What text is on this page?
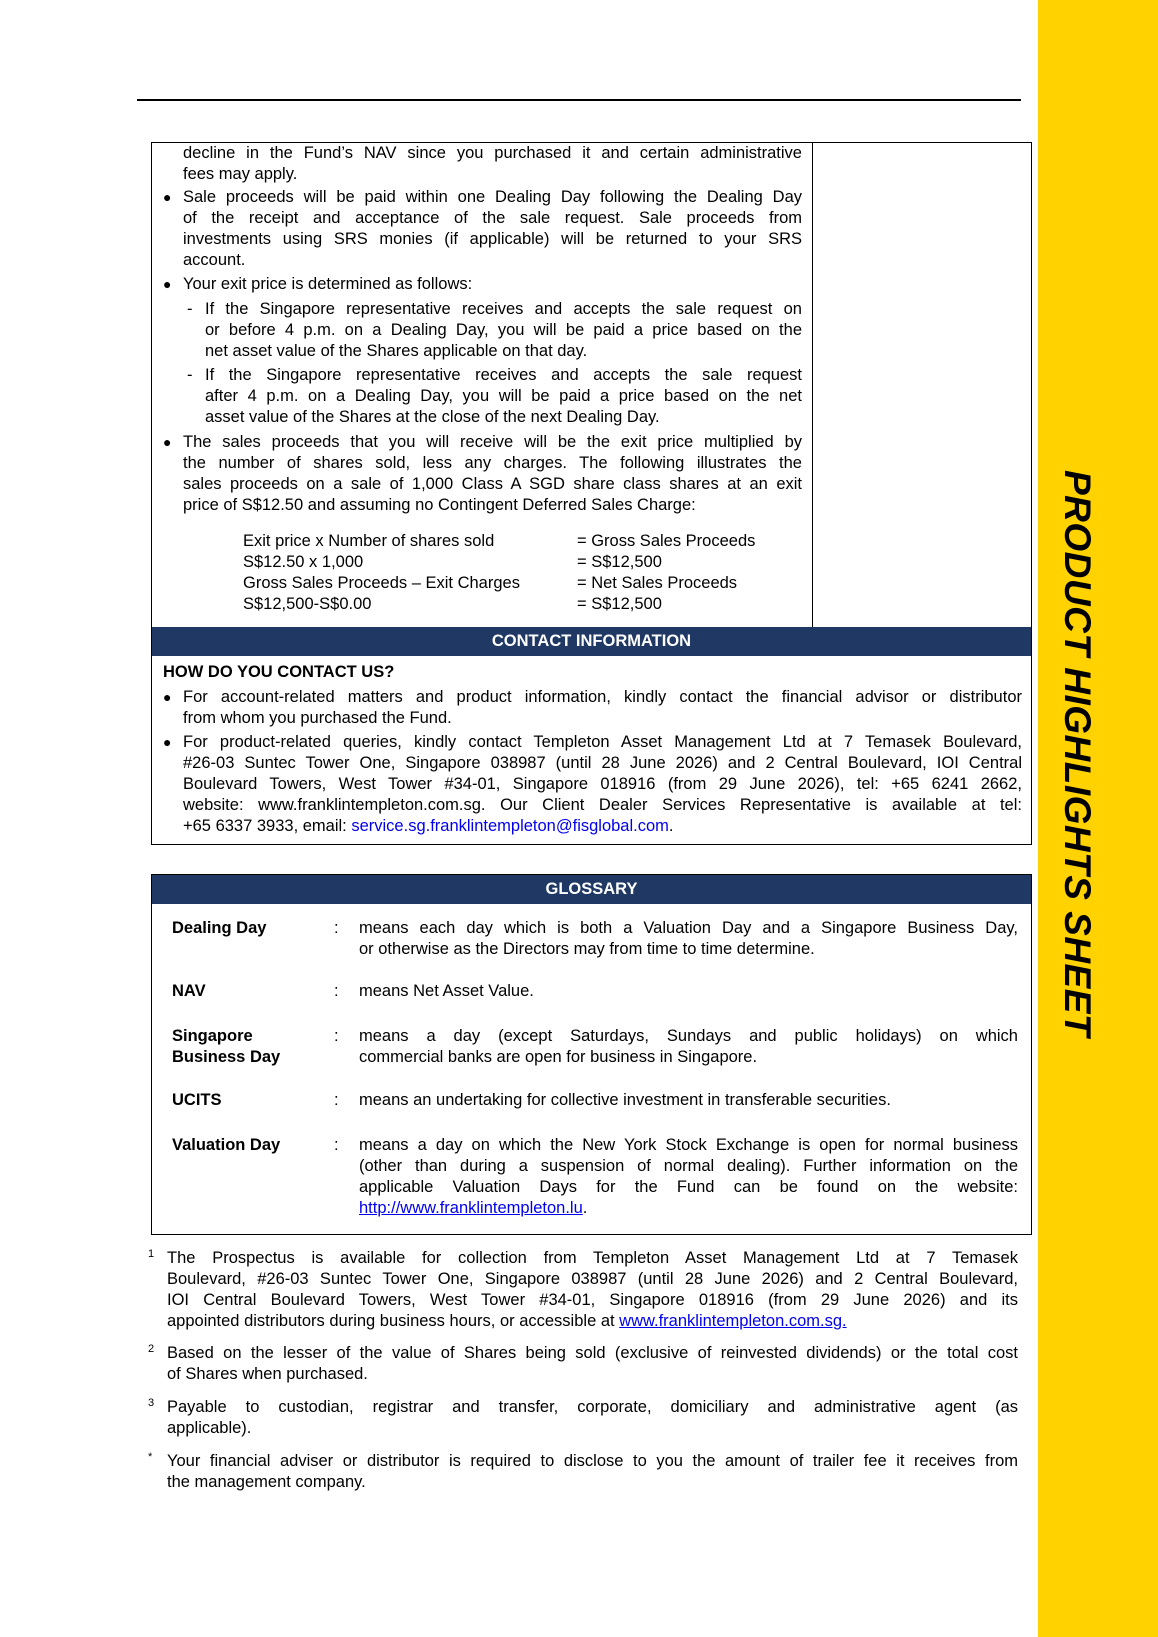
PRODUCT HIGHLIGHTS SHEET
decline in the Fund’s NAV since you purchased it and certain administrative
fees may apply.
● Sale proceeds will be paid within one Dealing Day following the Dealing Day
of the receipt and acceptance of the sale request. Sale proceeds from
investments using SRS monies (if applicable) will be returned to your SRS
account.
● Your exit price is determined as follows:
- If the Singapore representative receives and accepts the sale request on
or before 4 p.m. on a Dealing Day, you will be paid a price based on the
net asset value of the Shares applicable on that day.
- If the Singapore representative receives and accepts the sale request
after 4 p.m. on a Dealing Day, you will be paid a price based on the net
asset value of the Shares at the close of the next Dealing Day.
● The sales proceeds that you will receive will be the exit price multiplied by
the number of shares sold, less any charges. The following illustrates the
sales proceeds on a sale of 1,000 Class A SGD share class shares at an exit
price of S$12.50 and assuming no Contingent Deferred Sales Charge:
Exit price x Number of shares sold	= Gross Sales Proceeds
S$12.50 x 1,000	= S$12,500
Gross Sales Proceeds – Exit Charges	= Net Sales Proceeds
S$12,500-S$0.00	= S$12,500
CONTACT INFORMATION
HOW DO YOU CONTACT US?
● For account-related matters and product information, kindly contact the financial advisor or distributor
from whom you purchased the Fund.
● For product-related queries, kindly contact Templeton Asset Management Ltd at 7 Temasek Boulevard,
#26-03 Suntec Tower One, Singapore 038987 (until 28 June 2026) and 2 Central Boulevard, IOI Central
Boulevard Towers, West Tower #34-01, Singapore 018916 (from 29 June 2026), tel: +65 6241 2662,
website: www.franklintempleton.com.sg. Our Client Dealer Services Representative is available at tel:
+65 6337 3933, email: service.sg.franklintempleton@fisglobal.com.
GLOSSARY
Dealing Day	: means each day which is both a Valuation Day and a Singapore Business Day,
or otherwise as the Directors may from time to time determine.
NAV	: means Net Asset Value.
Singapore
Business Day
: means a day (except Saturdays, Sundays and public holidays) on which
commercial banks are open for business in Singapore.
UCITS	: means an undertaking for collective investment in transferable securities.
Valuation Day	: means a day on which the New York Stock Exchange is open for normal business
(other than during a suspension of normal dealing). Further information on the
applicable Valuation Days for the Fund can be found on the website:
http://www.franklintempleton.lu.
1 The Prospectus is available for collection from Templeton Asset Management Ltd at 7 Temasek
Boulevard, #26-03 Suntec Tower One, Singapore 038987 (until 28 June 2026) and 2 Central Boulevard,
IOI Central Boulevard Towers, West Tower #34-01, Singapore 018916 (from 29 June 2026) and its
appointed distributors during business hours, or accessible at www.franklintempleton.com.sg.
2 Based on the lesser of the value of Shares being sold (exclusive of reinvested dividends) or the total cost
of Shares when purchased.
3 Payable to custodian, registrar and transfer, corporate, domiciliary and administrative agent (as
applicable).
* Your financial adviser or distributor is required to disclose to you the amount of trailer fee it receives from
the management company.
